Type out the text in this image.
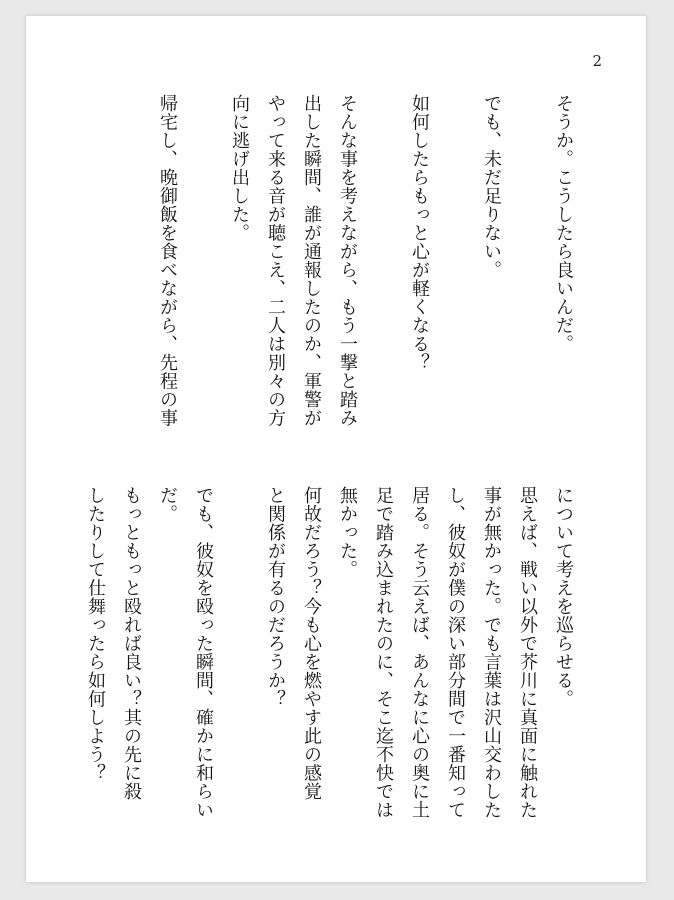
2
そうか。こうしたら良いんだ。
でも、未だ足りない。
如何したらもっと心が軽くなる？
そんな事を考えながら、もう一撃と踏み
出した瞬間、誰が通報したのか、軍警が
やって来る音が聴こえ、二人は別々の方
向に逃げ出した。
帰宅し、晩御飯を食べながら、先程の事
について考えを巡らせる。
思えば、戦い以外で芥川に真面に触れた
事が無かった。でも言葉は沢山交わした
し、彼奴が僕の深い部分間で一番知って
居る。そう云えば、あんなに心の奥に土
足で踏み込まれたのに、そこ迄不快では
無かった。
何故だろう？今も心を燃やす此の感覚
と関係が有るのだろうか？
でも、彼奴を殴った瞬間、確かに和らい
だ。
もっともっと殴れば良い？其の先に殺
したりして仕舞ったら如何しよう？
